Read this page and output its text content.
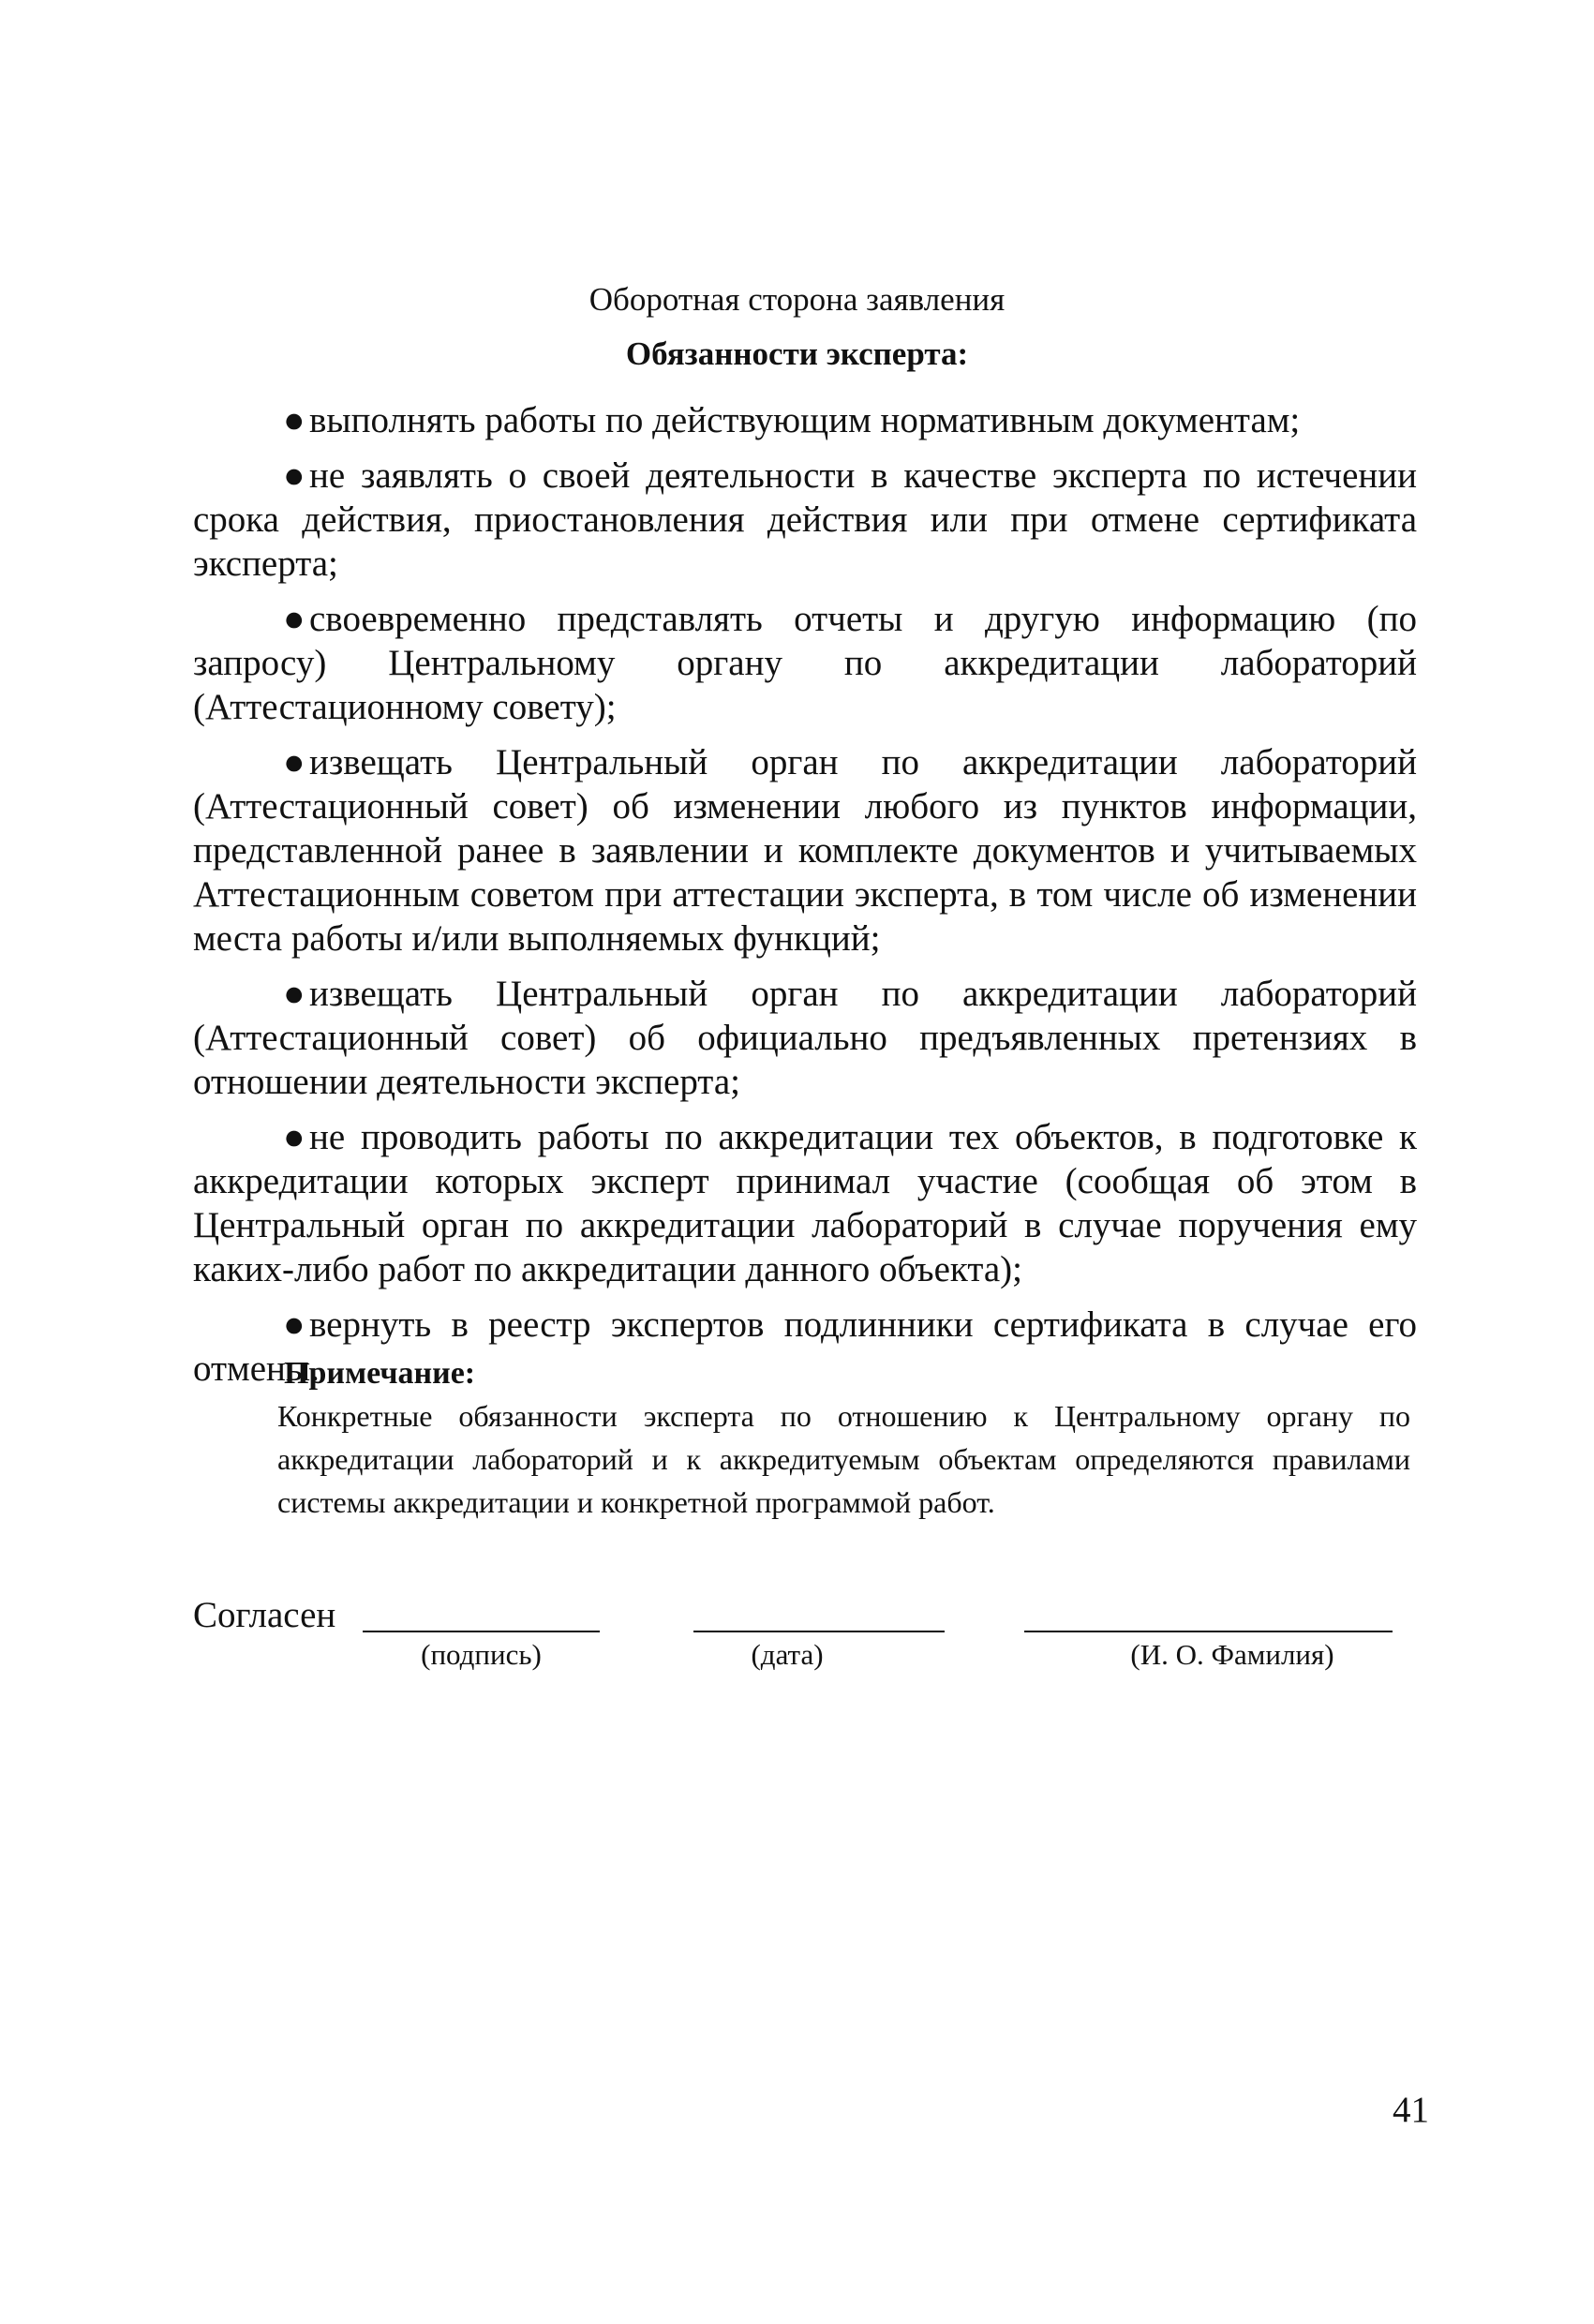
Оборотная сторона заявления
Обязанности эксперта:

● выполнять работы по действующим нормативным документам;

● не заявлять о своей деятельности в качестве эксперта по истечении срока действия, приостановления действия или при отмене сертификата эксперта;

● своевременно представлять отчеты и другую информацию (по запросу) Центральному органу по аккредитации лабораторий (Аттестационному совету);

● извещать Центральный орган по аккредитации лабораторий (Аттестационный совет) об изменении любого из пунктов информации, представленной ранее в заявлении и комплекте документов и учитываемых Аттестационным советом при аттестации эксперта, в том числе об изменении места работы и/или выполняемых функций;

● извещать Центральный орган по аккредитации лабораторий (Аттестационный совет) об официально предъявленных претензиях в отношении деятельности эксперта;

● не проводить работы по аккредитации тех объектов, в подготовке к аккредитации которых эксперт принимал участие (сообщая об этом в Центральный орган по аккредитации лабораторий в случае поручения ему каких-либо работ по аккредитации данного объекта);

● вернуть в реестр экспертов подлинники сертификата в случае его отмены.

Примечание:

Конкретные обязанности эксперта по отношению к Центральному органу по аккредитации лабораторий и к аккредитуемым объектам определяются правилами системы аккредитации и конкретной программой работ.

Согласен
(подпись)	(дата)	(И. О. Фамилия)
41
